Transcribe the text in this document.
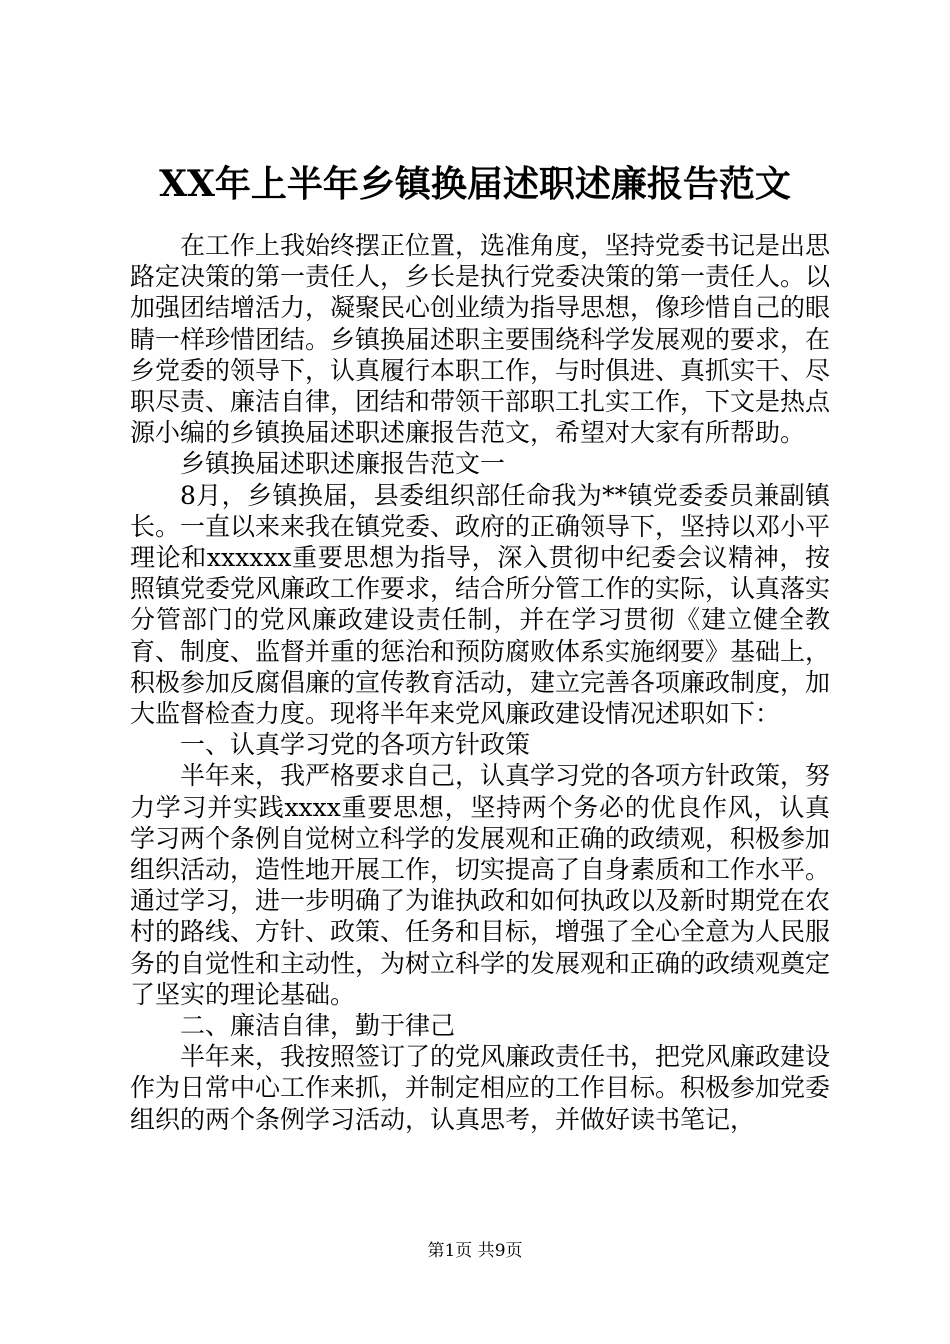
XX年上半年乡镇换届述职述廉报告范文

在工作上我始终摆正位置，选准角度，坚持党委书记是出思路定决策的第一责任人，乡长是执行党委决策的第一责任人。以加强团结增活力，凝聚民心创业绩为指导思想，像珍惜自己的眼睛一样珍惜团结。乡镇换届述职主要围绕科学发展观的要求，在乡党委的领导下，认真履行本职工作，与时俱进、真抓实干、尽职尽责、廉洁自律，团结和带领干部职工扎实工作，下文是热点源小编的乡镇换届述职述廉报告范文，希望对大家有所帮助。

乡镇换届述职述廉报告范文一

8月，乡镇换届，县委组织部任命我为**镇党委委员兼副镇长。一直以来来我在镇党委、政府的正确领导下，坚持以邓小平理论和xxxxxx重要思想为指导，深入贯彻中纪委会议精神，按照镇党委党风廉政工作要求，结合所分管工作的实际，认真落实分管部门的党风廉政建设责任制，并在学习贯彻《建立健全教育、制度、监督并重的惩治和预防腐败体系实施纲要》基础上，积极参加反腐倡廉的宣传教育活动，建立完善各项廉政制度，加大监督检查力度。现将半年来党风廉政建设情况述职如下：

一、认真学习党的各项方针政策

半年来，我严格要求自己，认真学习党的各项方针政策，努力学习并实践xxxx重要思想，坚持两个务必的优良作风，认真学习两个条例自觉树立科学的发展观和正确的政绩观，积极参加组织活动，造性地开展工作，切实提高了自身素质和工作水平。通过学习，进一步明确了为谁执政和如何执政以及新时期党在农村的路线、方针、政策、任务和目标，增强了全心全意为人民服务的自觉性和主动性，为树立科学的发展观和正确的政绩观奠定了坚实的理论基础。

二、廉洁自律，勤于律己

半年来，我按照签订了的党风廉政责任书，把党风廉政建设作为日常中心工作来抓，并制定相应的工作目标。积极参加党委组织的两个条例学习活动，认真思考，并做好读书笔记，

第1页 共9页
